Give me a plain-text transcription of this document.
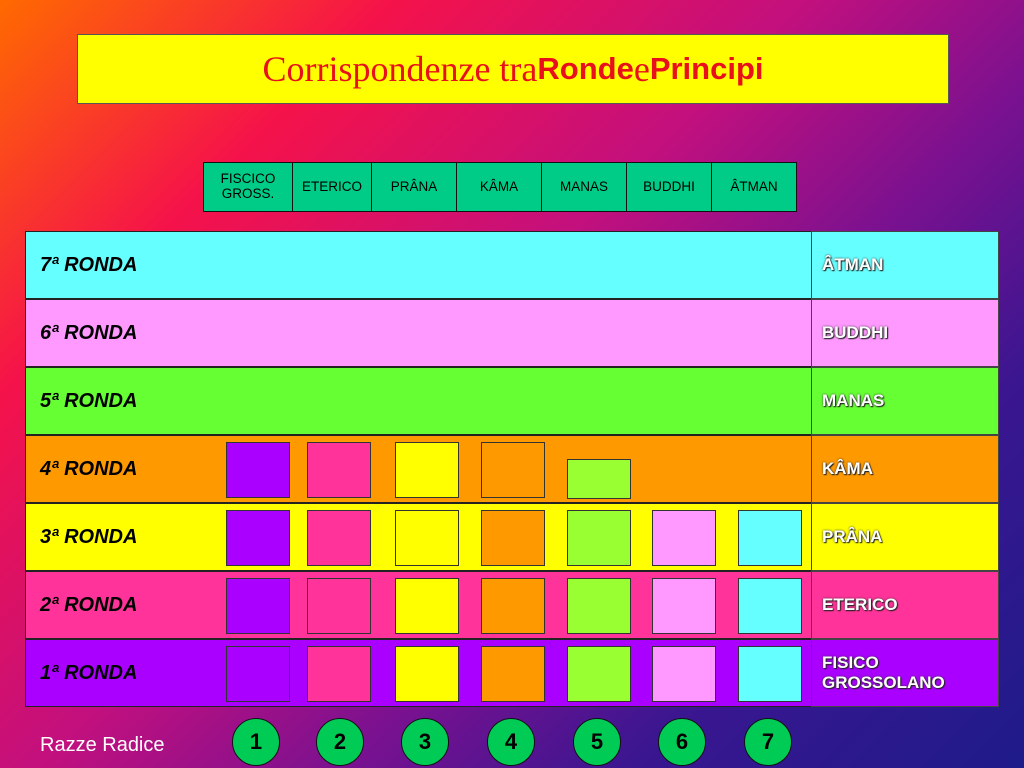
Corrispondenze tra Ronde e Principi
FISCICO
GROSS.	ETERICO	PRÂNA	KÂMA	MANAS	BUDDHI	ÂTMAN
7ª RONDA	ÂTMAN
6ª RONDA	BUDDHI
5ª RONDA	MANAS
4ª RONDA	KÂMA
3ª RONDA	PRÂNA
2ª RONDA	ETERICO
1ª RONDA	FISICO
GROSSOLANO
Razze Radice	1	2	3	4	5	6	7
